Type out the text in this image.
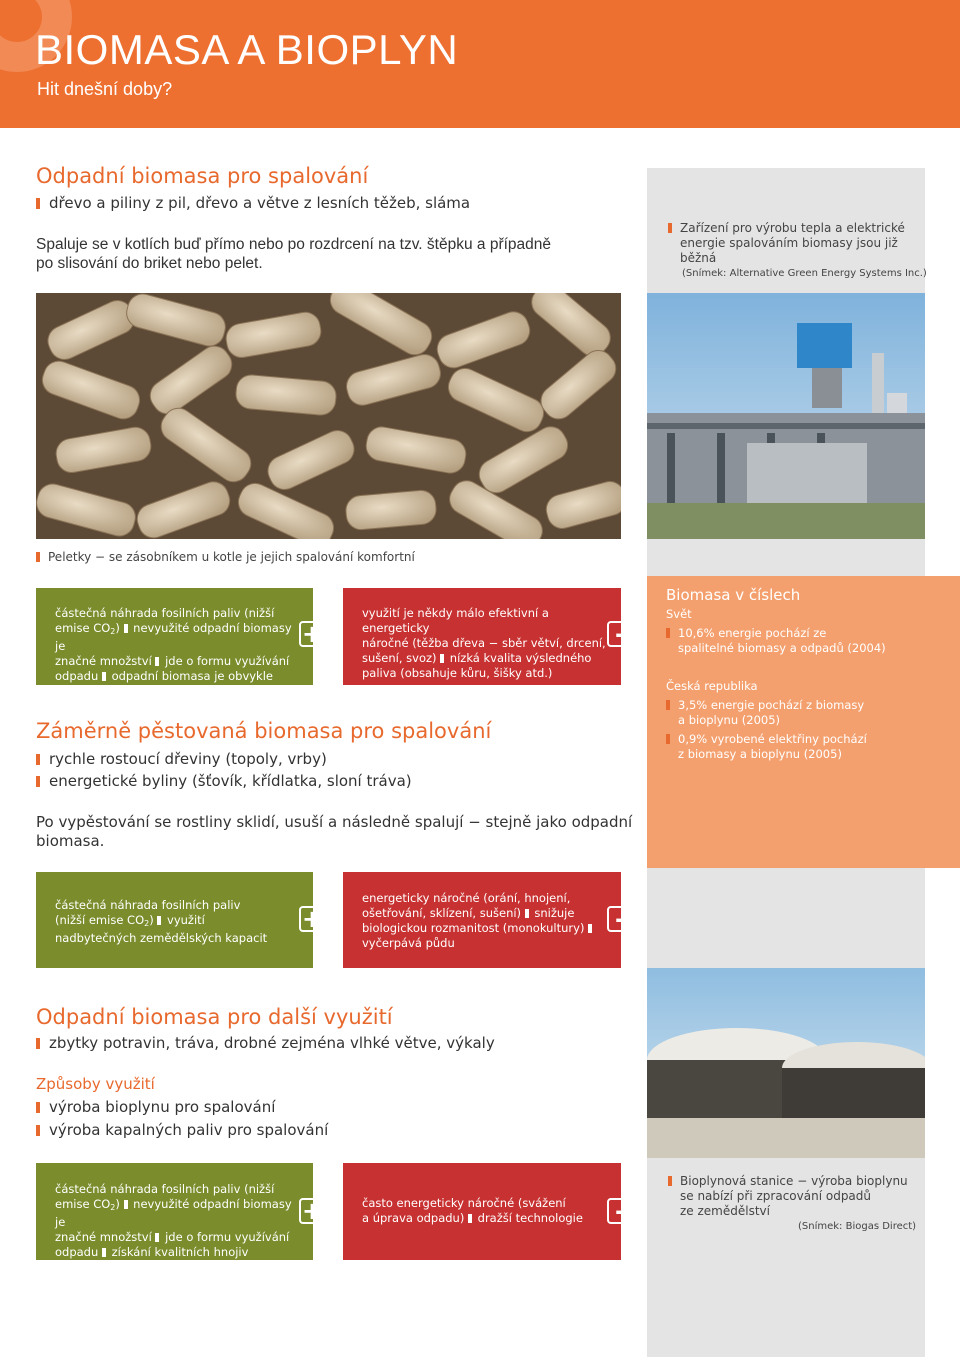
BIOMASA A BIOPLYN
Hit dnešní doby?
Odpadní biomasa pro spalování
dřevo a piliny z pil, dřevo a větve z lesních těžeb, sláma
Spaluje se v kotlích buď přímo nebo po rozdrcení na tzv. štěpku a případně
po slisování do briket nebo pelet.
Zařízení pro výrobu tepla a elektrické
energie spalováním biomasy jsou již
běžná
(Snímek: Alternative Green Energy Systems Inc.)
Peletky − se zásobníkem u kotle je jejich spalování komfortní
částečná náhrada fosilních paliv (nižší
emise $CO_2$)  nevyužité odpadní biomasy je
značné množství  jde o formu využívání
odpadu  odpadní biomasa je obvykle levná
+
využití je někdy málo efektivní a energeticky
náročné (těžba dřeva − sběr větví, drcení,
sušení, svoz)  nízká kvalita výsledného
paliva (obsahuje kůru, šišky atd.)
-
Biomasa v číslech
Svět
10,6% energie pochází ze
spalitelné biomasy a odpadů (2004)
Česká republika
3,5% energie pochází z biomasy
a bioplynu (2005)
0,9% vyrobené elektřiny pochází
z biomasy a bioplynu (2005)
Záměrně pěstovaná biomasa pro spalování
rychle rostoucí dřeviny (topoly, vrby)
energetické byliny (šťovík, křídlatka, sloní tráva)
Po vypěstování se rostliny sklidí, usuší a následně spalují − stejně jako odpadní
biomasa.
částečná náhrada fosilních paliv
(nižší emise $CO_2$)  využití
nadbytečných zemědělských kapacit
+
energeticky náročné (orání, hnojení,
ošetřování, sklízení, sušení)  snižuje
biologickou rozmanitost (monokultury)
vyčerpává půdu
-
Odpadní biomasa pro další využití
zbytky potravin, tráva, drobné zejména vlhké větve, výkaly
Způsoby využití
výroba bioplynu pro spalování
výroba kapalných paliv pro spalování
částečná náhrada fosilních paliv (nižší
emise $CO_2$)  nevyužité odpadní biomasy je
značné množství  jde o formu využívání
odpadu  získání kvalitních hnojiv
+	často energeticky náročné (svážení
a úprava odpadu)  dražší technologie	-
Bioplynová stanice − výroba bioplynu
se nabízí při zpracování odpadů
ze zemědělství
(Snímek: Biogas Direct)
